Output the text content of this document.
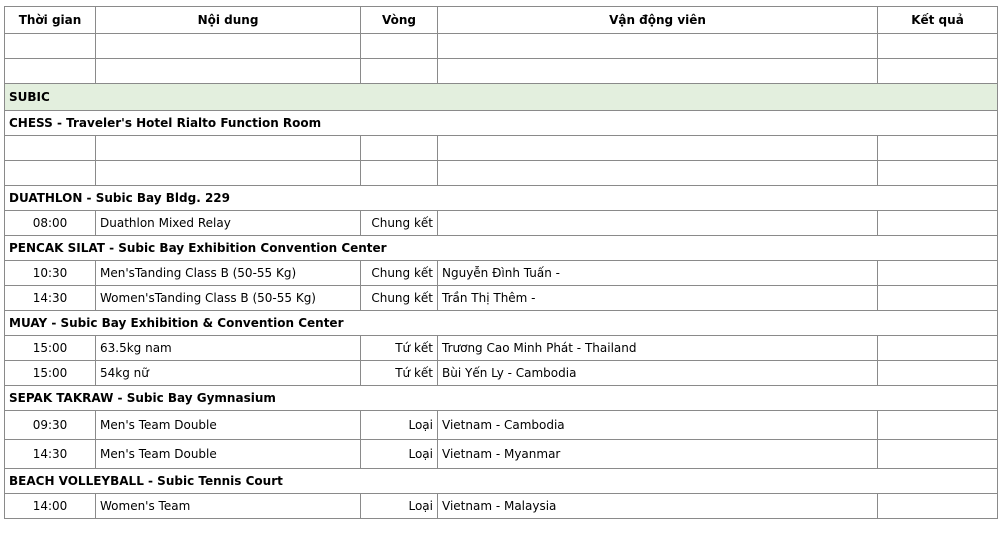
Thời gian	Nội dung	Vòng	Vận động viên	Kết quả

SUBIC				
CHESS - Traveler's Hotel Rialto Function Room				

DUATHLON - Subic Bay Bldg. 229				
08:00	Duathlon Mixed Relay	Chung kết		
PENCAK SILAT - Subic Bay Exhibition Convention Center				
10:30	Men'sTanding Class B (50-55 Kg)	Chung kết	Nguyễn Đình Tuấn -	
14:30	Women'sTanding Class B (50-55 Kg)	Chung kết	Trần Thị Thêm -	
MUAY - Subic Bay Exhibition & Convention Center				
15:00	63.5kg nam	Tứ kết	Trương Cao Minh Phát - Thailand	
15:00	54kg nữ	Tứ kết	Bùi Yến Ly - Cambodia	
SEPAK TAKRAW - Subic Bay Gymnasium				
09:30	Men's Team Double	Loại	Vietnam - Cambodia	
14:30	Men's Team Double	Loại	Vietnam - Myanmar	
BEACH VOLLEYBALL - Subic Tennis Court				
14:00	Women's Team	Loại	Vietnam - Malaysia	
